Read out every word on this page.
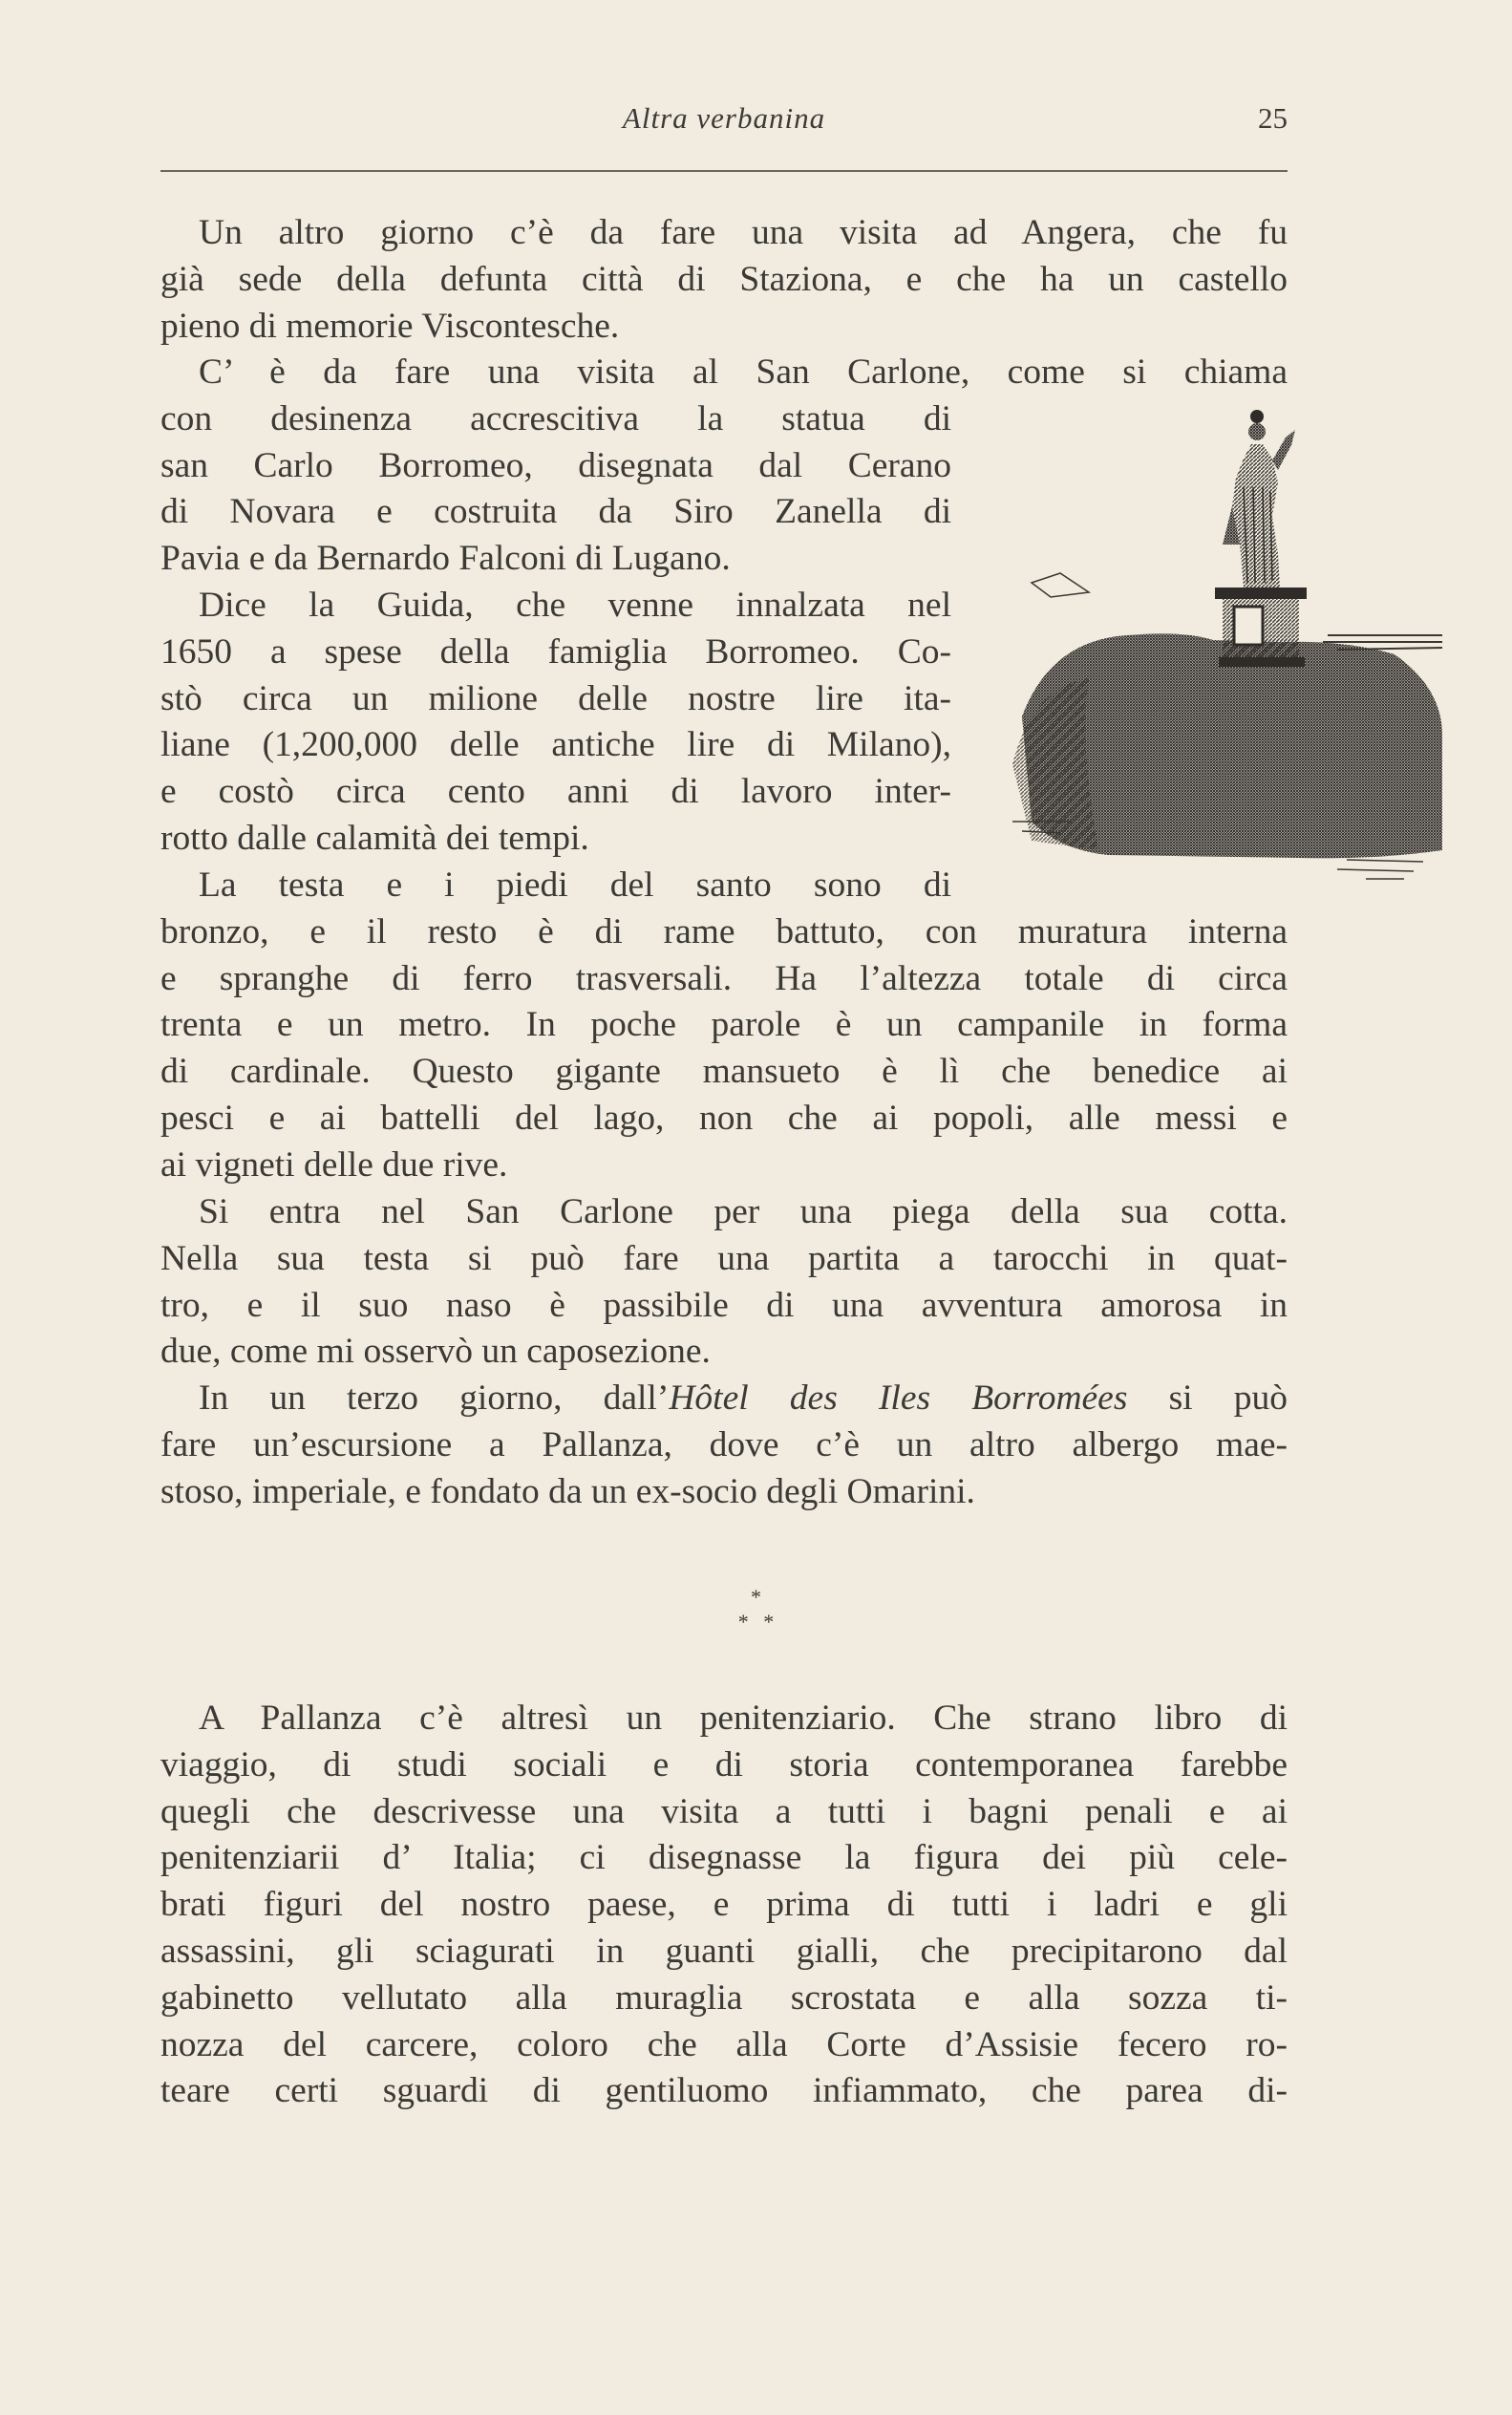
Altra verbanina	25

Un altro giorno c’è da fare una visita ad Angera, che fu
già sede della defunta città di Staziona, e che ha un castello
pieno di memorie Viscontesche.

C’ è da fare una visita al San Carlone, come si chiama
con desinenza accrescitiva la statua di
san Carlo Borromeo, disegnata dal Cerano
di Novara e costruita da Siro Zanella di
Pavia e da Bernardo Falconi di Lugano.
Dice la Guida, che venne innalzata nel
1650 a spese della famiglia Borromeo. Co-
stò circa un milione delle nostre lire ita-
liane (1,200,000 delle antiche lire di Milano),
e costò circa cento anni di lavoro inter-
rotto dalle calamità dei tempi.
La testa e i piedi del santo sono di
bronzo, e il resto è di rame battuto, con muratura interna
e spranghe di ferro trasversali. Ha l’altezza totale di circa
trenta e un metro. In poche parole è un campanile in forma
di cardinale. Questo gigante mansueto è lì che benedice ai
pesci e ai battelli del lago, non che ai popoli, alle messi e
ai vigneti delle due rive.
Si entra nel San Carlone per una piega della sua cotta.
Nella sua testa si può fare una partita a tarocchi in quat-
tro, e il suo naso è passibile di una avventura amorosa in
due, come mi osservò un caposezione.
In un terzo giorno, dall’Hôtel des Iles Borromées si può
fare un’escursione a Pallanza, dove c’è un altro albergo mae-
stoso, imperiale, e fondato da un ex-socio degli Omarini.
*
* *
A Pallanza c’è altresì un penitenziario. Che strano libro di
viaggio, di studi sociali e di storia contemporanea farebbe
quegli che descrivesse una visita a tutti i bagni penali e ai
penitenziarii d’ Italia; ci disegnasse la figura dei più cele-
brati figuri del nostro paese, e prima di tutti i ladri e gli
assassini, gli sciagurati in guanti gialli, che precipitarono dal
gabinetto vellutato alla muraglia scrostata e alla sozza ti-
nozza del carcere, coloro che alla Corte d’Assisie fecero ro-
teare certi sguardi di gentiluomo infiammato, che parea di-
